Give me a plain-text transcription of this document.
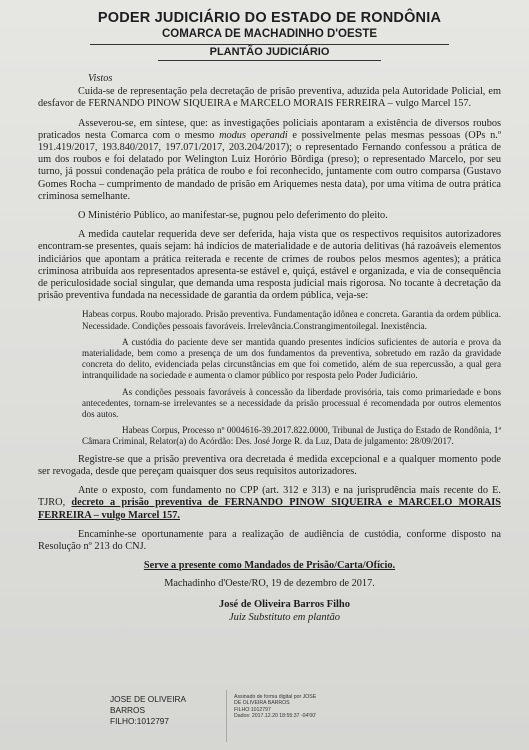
PODER JUDICIÁRIO DO ESTADO DE RONDÔNIA
COMARCA DE MACHADINHO D'OESTE
PLANTÃO JUDICIÁRIO

Vistos

Cuida-se de representação pela decretação de prisão preventiva, aduzida pela Autoridade Policial, em desfavor de FERNANDO PINOW SIQUEIRA e MARCELO MORAIS FERREIRA – vulgo Marcel 157.

Asseverou-se, em síntese, que: as investigações policiais apontaram a existência de diversos roubos praticados nesta Comarca com o mesmo modus operandi e possivelmente pelas mesmas pessoas (OPs n.º 191.419/2017, 193.840/2017, 197.071/2017, 203.204/2017); o representado Fernando confessou a prática de um dos roubos e foi delatado por Welington Luiz Horório Bôrdiga (preso); o representado Marcelo, por seu turno, já possui condenação pela prática de roubo e foi reconhecido, juntamente com outro comparsa (Gustavo Gomes Rocha – cumprimento de mandado de prisão em Ariquemes nesta data), por uma vítima de outra prática criminosa semelhante.

O Ministério Público, ao manifestar-se, pugnou pelo deferimento do pleito.

A medida cautelar requerida deve ser deferida, haja vista que os respectivos requisitos autorizadores encontram-se presentes, quais sejam: há indícios de materialidade e de autoria delitivas (há razoáveis elementos indiciários que apontam a prática reiterada e recente de crimes de roubos pelos mesmos agentes); a prática criminosa atribuída aos representados apresenta-se estável e, quiçá, estável e organizada, e via de consequência de periculosidade social singular, que demanda uma resposta judicial mais rigorosa. No tocante à decretação da prisão preventiva fundada na necessidade de garantia da ordem pública, veja-se:

Habeas corpus. Roubo majorado. Prisão preventiva. Fundamentação idônea e concreta. Garantia da ordem pública. Necessidade. Condições pessoais favoráveis. Irrelevância.Constrangimentoilegal. Inexistência.

A custódia do paciente deve ser mantida quando presentes indícios suficientes de autoria e prova da materialidade, bem como a presença de um dos fundamentos da preventiva, sobretudo em razão da gravidade concreta do delito, evidenciada pelas circunstâncias em que foi cometido, além de sua repercussão, a qual gera intranquilidade na sociedade e aumenta o clamor público por resposta pelo Poder Judiciário.

As condições pessoais favoráveis à concessão da liberdade provisória, tais como primariedade e bons antecedentes, tornam-se irrelevantes se a necessidade da prisão processual é recomendada por outros elementos dos autos.

Habeas Corpus, Processo nº 0004616-39.2017.822.0000, Tribunal de Justiça do Estado de Rondônia, 1ª Câmara Criminal, Relator(a) do Acórdão: Des. José Jorge R. da Luz, Data de julgamento: 28/09/2017.

Registre-se que a prisão preventiva ora decretada é medida excepcional e a qualquer momento pode ser revogada, desde que pereçam quaisquer dos seus requisitos autorizadores.

Ante o exposto, com fundamento no CPP (art. 312 e 313) e na jurisprudência mais recente do E. TJRO, decreto a prisão preventiva de FERNANDO PINOW SIQUEIRA e MARCELO MORAIS FERREIRA – vulgo Marcel 157.

Encaminhe-se oportunamente para a realização de audiência de custódia, conforme disposto na Resolução nº 213 do CNJ.

Serve a presente como Mandados de Prisão/Carta/Ofício.

Machadinho d'Oeste/RO, 19 de dezembro de 2017.

José de Oliveira Barros Filho
Juiz Substituto em plantão
JOSE DE OLIVEIRA
BARROS
FILHO:1012797
Assinado de forma digital por JOSE
DE OLIVEIRA BARROS
FILHO:1012797
Dados: 2017.12.20 18:55:37 -04'00'
